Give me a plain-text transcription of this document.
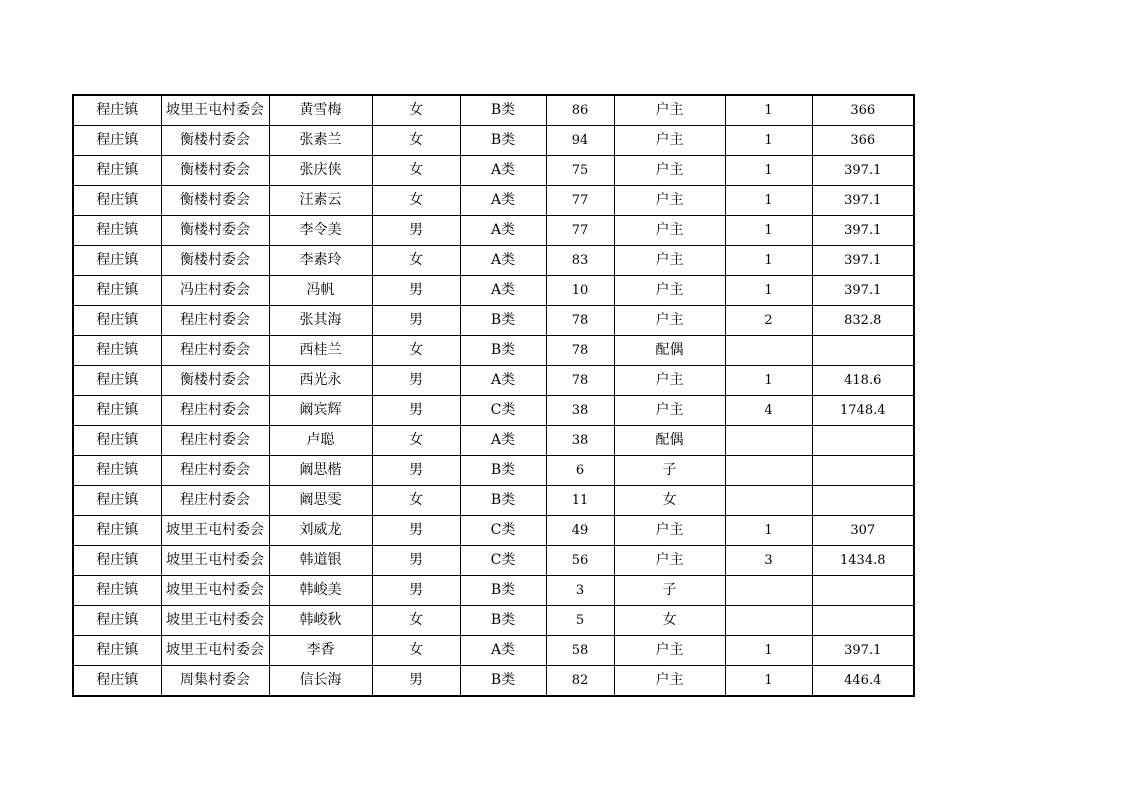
程庄镇	坡里王屯村委会	黄雪梅	女	B类	86	户主	1	366
程庄镇	衡楼村委会	张素兰	女	B类	94	户主	1	366
程庄镇	衡楼村委会	张庆侠	女	A类	75	户主	1	397.1
程庄镇	衡楼村委会	汪素云	女	A类	77	户主	1	397.1
程庄镇	衡楼村委会	李令美	男	A类	77	户主	1	397.1
程庄镇	衡楼村委会	李素玲	女	A类	83	户主	1	397.1
程庄镇	冯庄村委会	冯帆	男	A类	10	户主	1	397.1
程庄镇	程庄村委会	张其海	男	B类	78	户主	2	832.8
程庄镇	程庄村委会	西桂兰	女	B类	78	配偶		
程庄镇	衡楼村委会	西光永	男	A类	78	户主	1	418.6
程庄镇	程庄村委会	阚宾辉	男	C类	38	户主	4	1748.4
程庄镇	程庄村委会	卢聪	女	A类	38	配偶		
程庄镇	程庄村委会	阚思楷	男	B类	6	子		
程庄镇	程庄村委会	阚思雯	女	B类	11	女		
程庄镇	坡里王屯村委会	刘威龙	男	C类	49	户主	1	307
程庄镇	坡里王屯村委会	韩道银	男	C类	56	户主	3	1434.8
程庄镇	坡里王屯村委会	韩峻美	男	B类	3	子		
程庄镇	坡里王屯村委会	韩峻秋	女	B类	5	女		
程庄镇	坡里王屯村委会	李香	女	A类	58	户主	1	397.1
程庄镇	周集村委会	信长海	男	B类	82	户主	1	446.4
